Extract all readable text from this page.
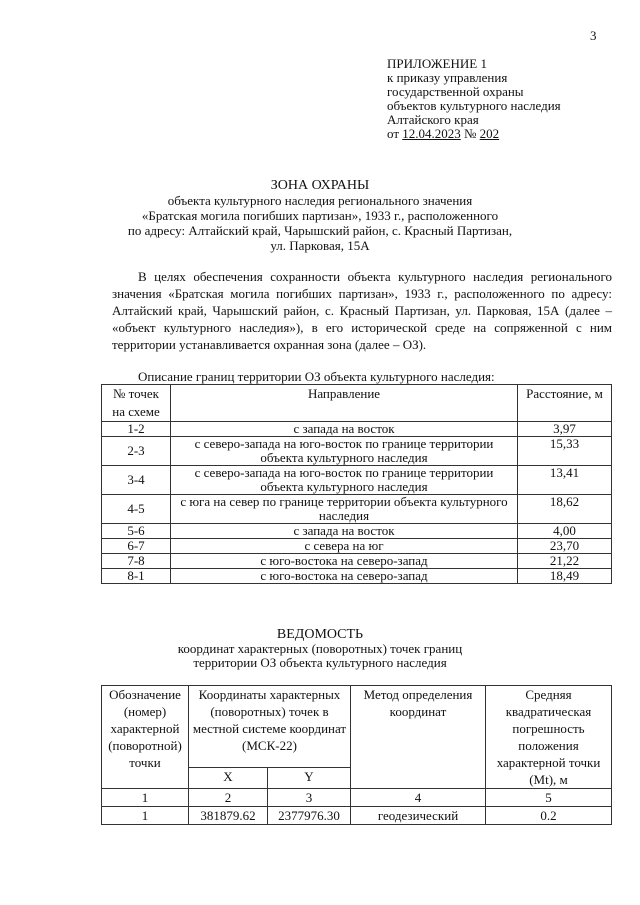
3
ПРИЛОЖЕНИЕ 1
к приказу управления
государственной охраны
объектов культурного наследия
Алтайского края
от 12.04.2023 № 202
ЗОНА ОХРАНЫ
объекта культурного наследия регионального значения
«Братская могила погибших партизан», 1933 г., расположенного
по адресу: Алтайский край, Чарышский район, с. Красный Партизан,
ул. Парковая, 15А

В целях обеспечения сохранности объекта культурного наследия регионального значения «Братская могила погибших партизан», 1933 г., расположенного по адресу: Алтайский край, Чарышский район, с. Красный Партизан, ул. Парковая, 15А (далее – «объект культурного наследия»), в его исторической среде на сопряженной с ним территории устанавливается охранная зона (далее – ОЗ).

Описание границ территории ОЗ объекта культурного наследия:
№ точек
на схеме	Направление	Расстояние, м
1-2	с запада на восток	3,97
2-3	с северо-запада на юго-восток по границе территории объекта культурного наследия	15,33
3-4	с северо-запада на юго-восток по границе территории объекта культурного наследия	13,41
4-5	с юга на север по границе территории объекта культурного наследия	18,62
5-6	с запада на восток	4,00
6-7	с севера на юг	23,70
7-8	с юго-востока на северо-запад	21,22
8-1	с юго-востока на северо-запад	18,49
ВЕДОМОСТЬ
координат характерных (поворотных) точек границ
территории ОЗ объекта культурного наследия
Обозначение (номер) характерной (поворотной) точки	Координаты характерных (поворотных) точек в местной системе координат (МСК-22)		Метод определения координат	Средняя квадратическая погрешность положения характерной точки (Mt), м
	X	Y		
1	2	3	4	5
1	381879.62	2377976.30	геодезический	0.2
